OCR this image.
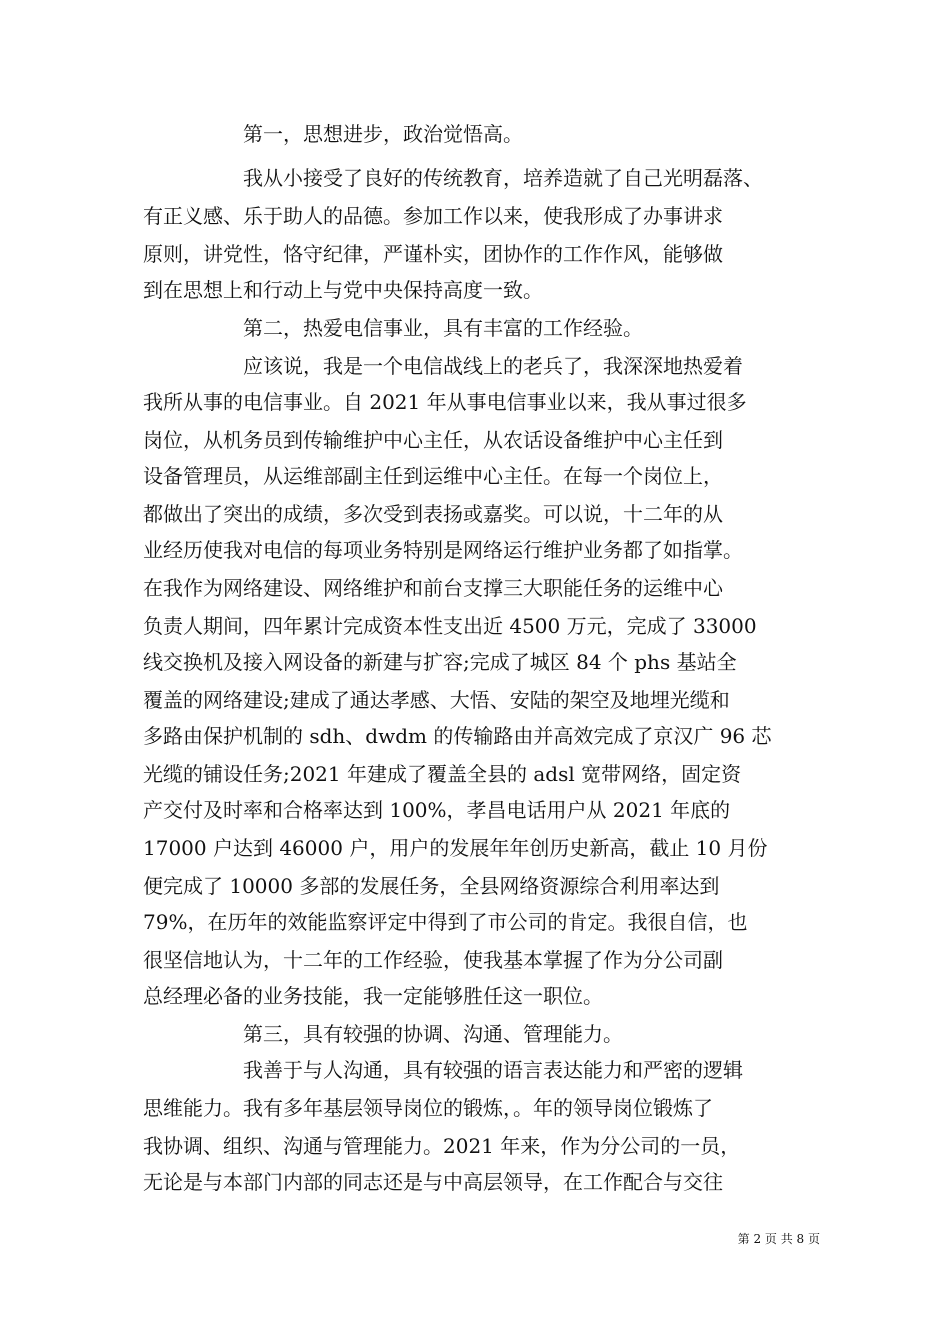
第一，思想进步，政治觉悟高。
我从小接受了良好的传统教育，培养造就了自己光明磊落、
有正义感、乐于助人的品德。参加工作以来，使我形成了办事讲求
原则，讲党性，恪守纪律，严谨朴实，团协作的工作作风，能够做
到在思想上和行动上与党中央保持高度一致。
第二，热爱电信事业，具有丰富的工作经验。
应该说，我是一个电信战线上的老兵了，我深深地热爱着
我所从事的电信事业。自 2021 年从事电信事业以来，我从事过很多
岗位，从机务员到传输维护中心主任，从农话设备维护中心主任到
设备管理员，从运维部副主任到运维中心主任。在每一个岗位上，
都做出了突出的成绩，多次受到表扬或嘉奖。可以说，十二年的从
业经历使我对电信的每项业务特别是网络运行维护业务都了如指掌。
在我作为网络建设、网络维护和前台支撑三大职能任务的运维中心
负责人期间，四年累计完成资本性支出近 4500 万元，完成了 33000
线交换机及接入网设备的新建与扩容;完成了城区 84 个 phs 基站全
覆盖的网络建设;建成了通达孝感、大悟、安陆的架空及地埋光缆和
多路由保护机制的 sdh、dwdm 的传输路由并高效完成了京汉广 96 芯
光缆的铺设任务;2021 年建成了覆盖全县的 adsl 宽带网络，固定资
产交付及时率和合格率达到 100%，孝昌电话用户从 2021 年底的
17000 户达到 46000 户，用户的发展年年创历史新高，截止 10 月份
便完成了 10000 多部的发展任务，全县网络资源综合利用率达到
79%，在历年的效能监察评定中得到了市公司的肯定。我很自信，也
很坚信地认为，十二年的工作经验，使我基本掌握了作为分公司副
总经理必备的业务技能，我一定能够胜任这一职位。
第三，具有较强的协调、沟通、管理能力。
我善于与人沟通，具有较强的语言表达能力和严密的逻辑
思维能力。我有多年基层领导岗位的锻炼，。年的领导岗位锻炼了
我协调、组织、沟通与管理能力。2021 年来，作为分公司的一员，
无论是与本部门内部的同志还是与中高层领导，在工作配合与交往
第 2 页 共 8 页
